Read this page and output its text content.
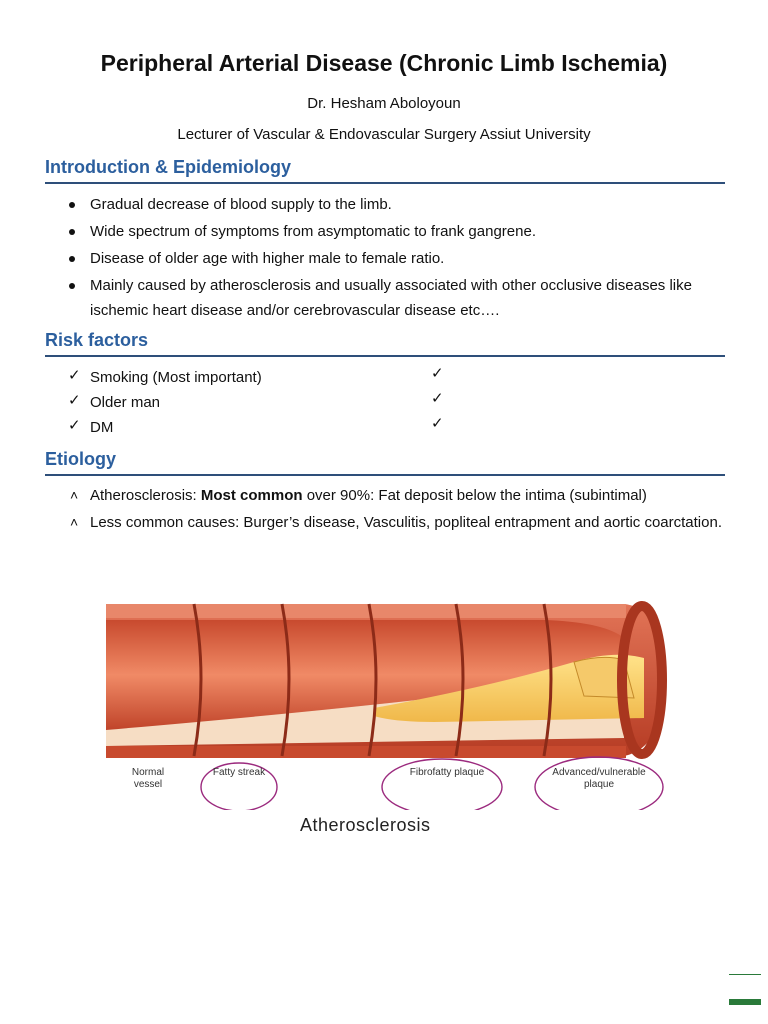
Peripheral Arterial Disease (Chronic Limb Ischemia)
Dr. Hesham Aboloyoun
Lecturer of Vascular & Endovascular Surgery Assiut University
Introduction & Epidemiology
Gradual decrease of blood supply to the limb.
Wide spectrum of symptoms from asymptomatic to frank gangrene.
Disease of older age with higher male to female ratio.
Mainly caused by atherosclerosis and usually associated with other occlusive diseases like ischemic heart disease and/or cerebrovascular disease etc….
Risk factors
✓ Smoking (Most important)
✓ Older man
✓ DM
✓
✓
✓
Etiology
˄ Atherosclerosis: Most common over 90%: Fat deposit below the intima (subintimal)
˄ Less common causes: Burger’s disease, Vasculitis, popliteal entrapment and aortic coarctation.
Normal vessel
Fatty streak	Fibrofatty plaque	Advanced/vulnerable plaque
Atherosclerosis
